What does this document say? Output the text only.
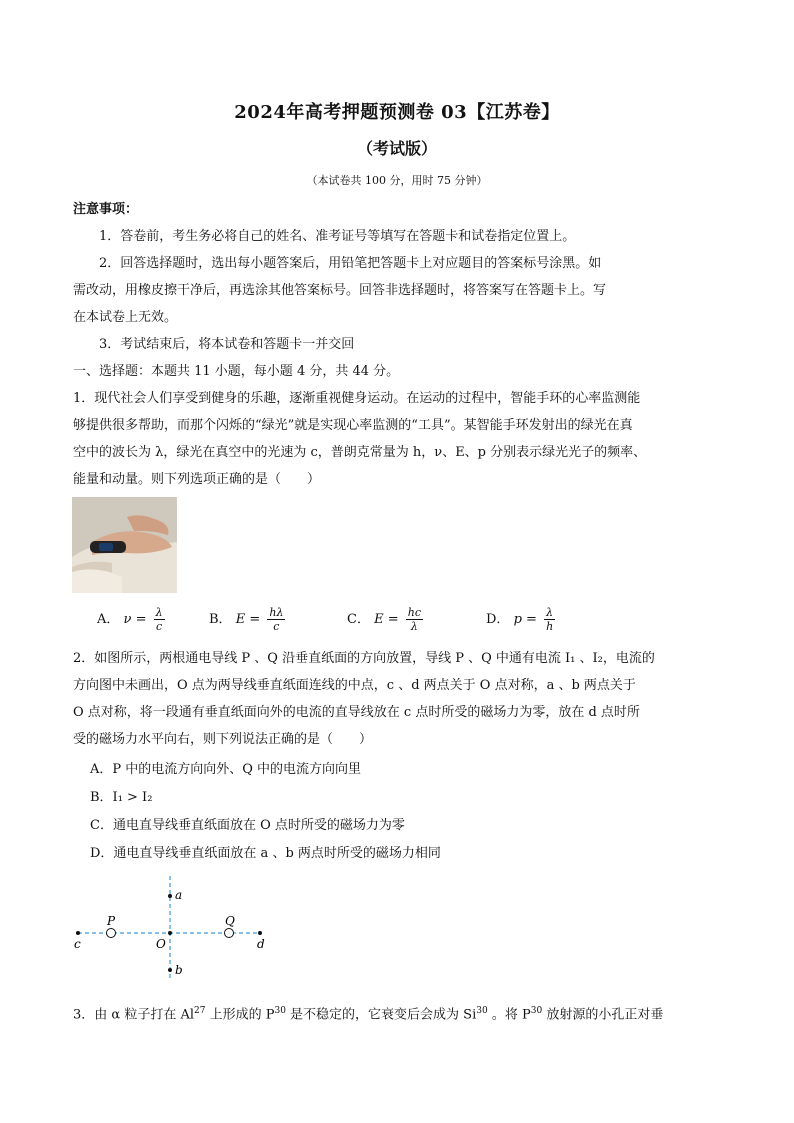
2024年高考押题预测卷 03【江苏卷】
（考试版）
（本试卷共 100 分，用时 75 分钟）
注意事项：
1．答卷前，考生务必将自己的姓名、准考证号等填写在答题卡和试卷指定位置上。
2．回答选择题时，选出每小题答案后，用铅笔把答题卡上对应题目的答案标号涂黑。如
需改动，用橡皮擦干净后，再选涂其他答案标号。回答非选择题时，将答案写在答题卡上。写
在本试卷上无效。
3．考试结束后，将本试卷和答题卡一并交回
一、选择题：本题共 11 小题，每小题 4 分，共 44 分。
1．现代社会人们享受到健身的乐趣，逐渐重视健身运动。在运动的过程中，智能手环的心率监测能
够提供很多帮助，而那个闪烁的“绿光”就是实现心率监测的“工具”。某智能手环发射出的绿光在真
空中的波长为 λ，绿光在真空中的光速为 c，普朗克常量为 h，ν、E、p 分别表示绿光光子的频率、
能量和动量。则下列选项正确的是（　　）
A． $\nu = \frac{\lambda}{c}$	B． $E = \frac{h\lambda}{c}$	C． $E = \frac{hc}{\lambda}$	D． $p = \frac{\lambda}{h}$
2．如图所示，两根通电导线 P 、Q 沿垂直纸面的方向放置，导线 P 、Q 中通有电流 I₁ 、I₂，电流的
方向图中未画出，O 点为两导线垂直纸面连线的中点，c 、d 两点关于 O 点对称，a 、b 两点关于
O 点对称，将一段通有垂直纸面向外的电流的直导线放在 c 点时所受的磁场力为零，放在 d 点时所
受的磁场力水平向右，则下列说法正确的是（　　）
A．P 中的电流方向向外、Q 中的电流方向向里
B．I₁ > I₂
C．通电直导线垂直纸面放在 O 点时所受的磁场力为零
D．通电直导线垂直纸面放在 a 、b 两点时所受的磁场力相同
a
b
c	d
P	Q
O
3．由 α 粒子打在 Al$^{27}$ 上形成的 $P^{30}$ 是不稳定的，它衰变后会成为 Si$^{30}$ 。将 $P^{30}$ 放射源的小孔正对垂
